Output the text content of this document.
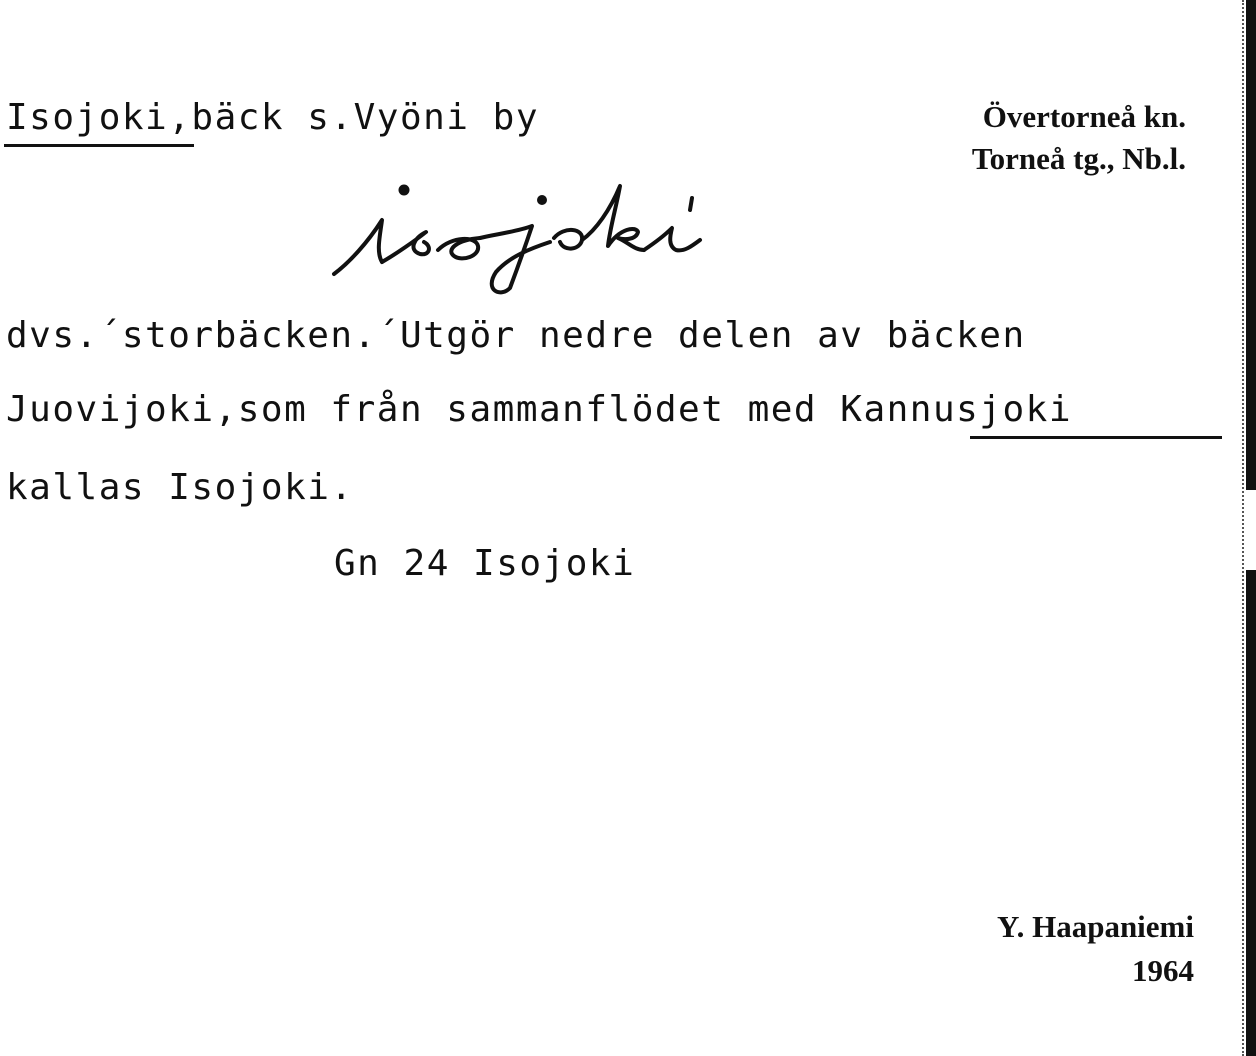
Isojoki,bäck s.Vyöni by	Övertorneå kn.
Torneå tg., Nb.l.
dvs.´storbäcken.´Utgör nedre delen av bäcken
Juovijoki,som från sammanflödet med Kannusjoki
kallas Isojoki.
Gn 24 Isojoki
Y. Haapaniemi
1964
